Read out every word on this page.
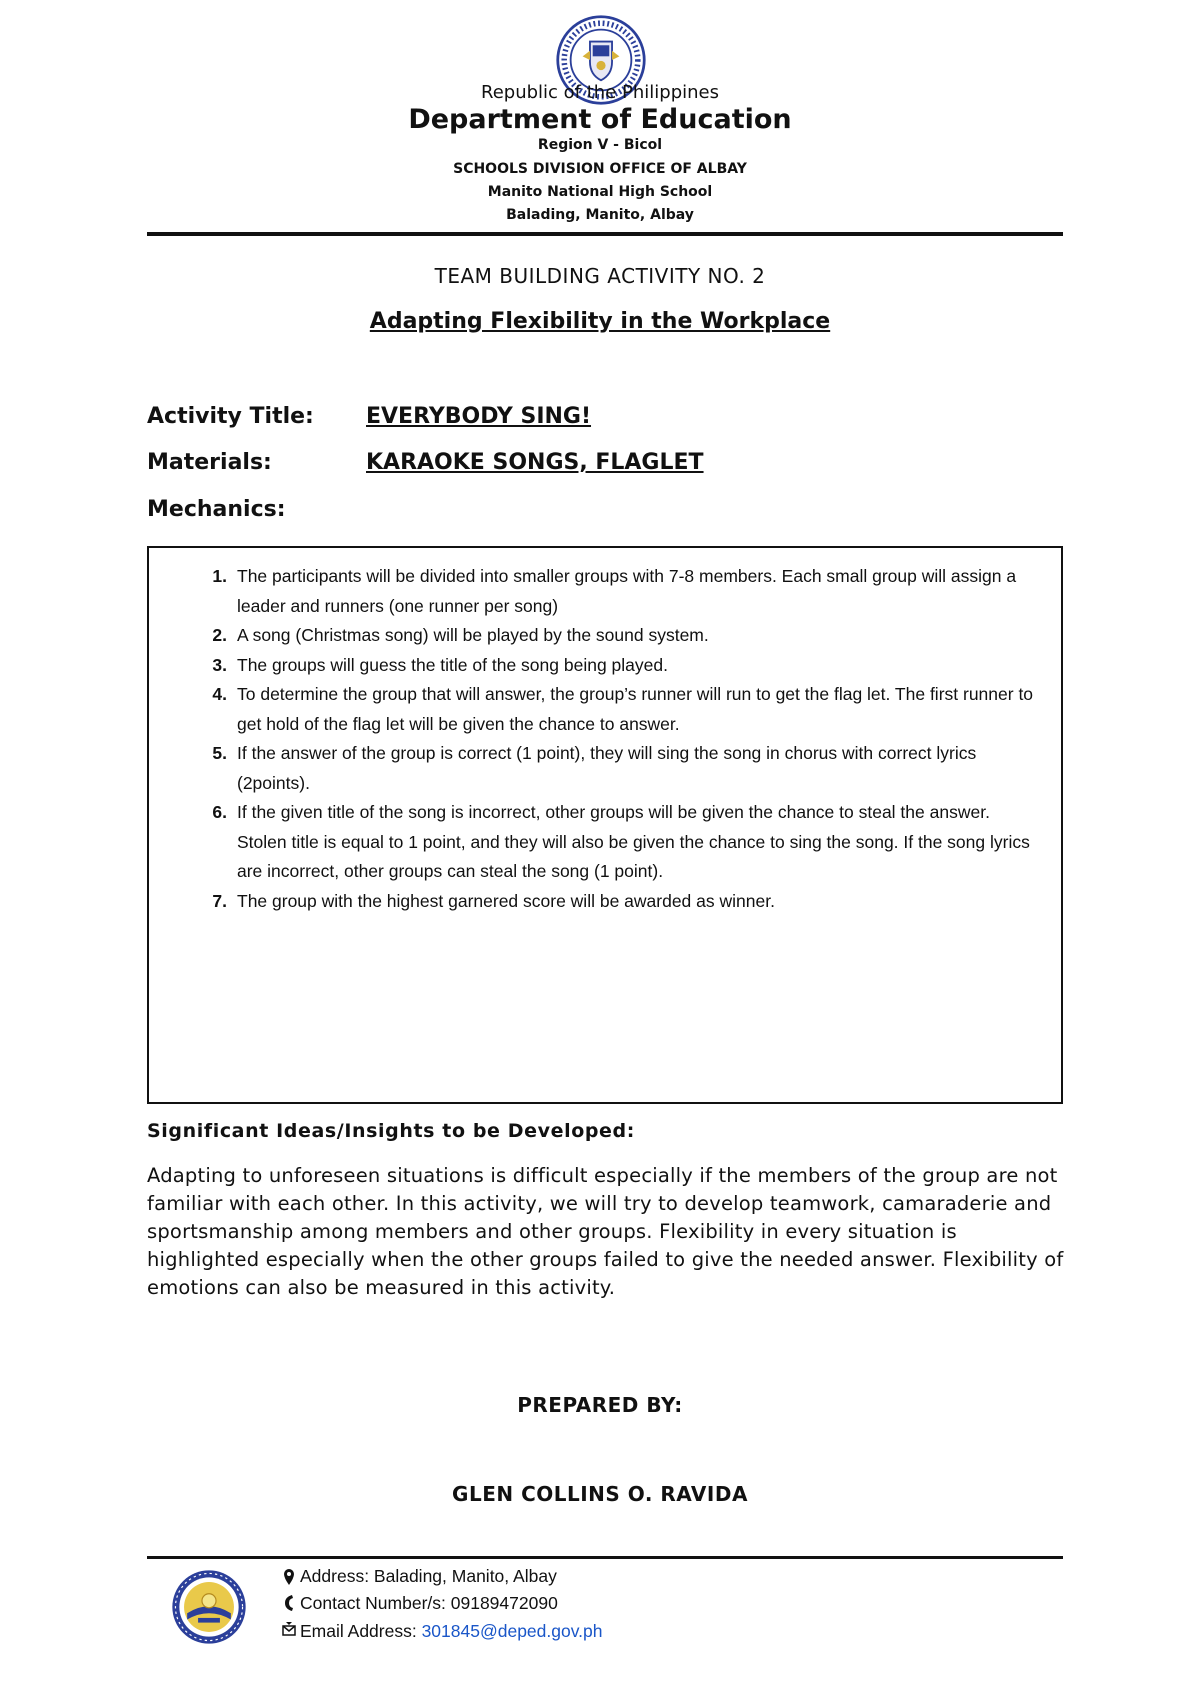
Republic of the Philippines
Department of Education
Region V - Bicol
SCHOOLS DIVISION OFFICE OF ALBAY
Manito National High School
Balading, Manito, Albay
TEAM BUILDING ACTIVITY NO. 2
Adapting Flexibility in the Workplace
Activity Title: EVERYBODY SING!
Materials:	KARAOKE SONGS, FLAGLET
Mechanics:
1. The participants will be divided into smaller groups with 7-8 members. Each small group will assign a leader and runners (one runner per song)
2. A song (Christmas song) will be played by the sound system.
3. The groups will guess the title of the song being played.
4. To determine the group that will answer, the group’s runner will run to get the flag let. The first runner to get hold of the flag let will be given the chance to answer.
5. If the answer of the group is correct (1 point), they will sing the song in chorus with correct lyrics (2points).
6. If the given title of the song is incorrect, other groups will be given the chance to steal the answer. Stolen title is equal to 1 point, and they will also be given the chance to sing the song. If the song lyrics are incorrect, other groups can steal the song (1 point).
7. The group with the highest garnered score will be awarded as winner.
Significant Ideas/Insights to be Developed:
Adapting to unforeseen situations is difficult especially if the members of the group are not familiar with each other. In this activity, we will try to develop teamwork, camaraderie and sportsmanship among members and other groups. Flexibility in every situation is highlighted especially when the other groups failed to give the needed answer. Flexibility of emotions can also be measured in this activity.
PREPARED BY:
GLEN COLLINS O. RAVIDA
Address: Balading, Manito, Albay
Contact Number/s: 09189472090
Email Address: 301845@deped.gov.ph
